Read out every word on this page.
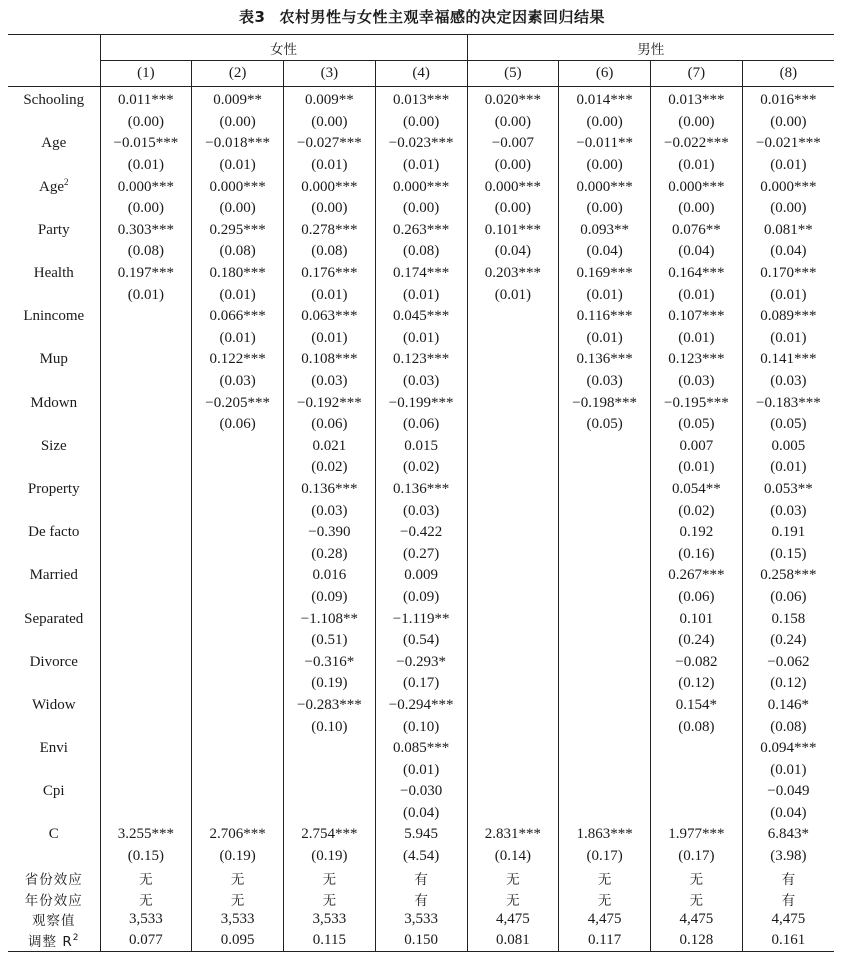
表3 农村男性与女性主观幸福感的决定因素回归结果
	女性				男性			
	(1)	(2)	(3)	(4)	(5)	(6)	(7)	(8)
Schooling	0.011***	0.009**	0.009**	0.013***	0.020***	0.014***	0.013***	0.016***
	(0.00)	(0.00)	(0.00)	(0.00)	(0.00)	(0.00)	(0.00)	(0.00)
Age	−0.015***	−0.018***	−0.027***	−0.023***	−0.007	−0.011**	−0.022***	−0.021***
	(0.01)	(0.01)	(0.01)	(0.01)	(0.00)	(0.00)	(0.01)	(0.01)
Age$^2$	0.000***	0.000***	0.000***	0.000***	0.000***	0.000***	0.000***	0.000***
	(0.00)	(0.00)	(0.00)	(0.00)	(0.00)	(0.00)	(0.00)	(0.00)
Party	0.303***	0.295***	0.278***	0.263***	0.101***	0.093**	0.076**	0.081**
	(0.08)	(0.08)	(0.08)	(0.08)	(0.04)	(0.04)	(0.04)	(0.04)
Health	0.197***	0.180***	0.176***	0.174***	0.203***	0.169***	0.164***	0.170***
	(0.01)	(0.01)	(0.01)	(0.01)	(0.01)	(0.01)	(0.01)	(0.01)
Lnincome		0.066***	0.063***	0.045***		0.116***	0.107***	0.089***
		(0.01)	(0.01)	(0.01)		(0.01)	(0.01)	(0.01)
Mup		0.122***	0.108***	0.123***		0.136***	0.123***	0.141***
		(0.03)	(0.03)	(0.03)		(0.03)	(0.03)	(0.03)
Mdown		−0.205***	−0.192***	−0.199***		−0.198***	−0.195***	−0.183***
		(0.06)	(0.06)	(0.06)		(0.05)	(0.05)	(0.05)
Size			0.021	0.015			0.007	0.005
			(0.02)	(0.02)			(0.01)	(0.01)
Property			0.136***	0.136***			0.054**	0.053**
			(0.03)	(0.03)			(0.02)	(0.03)
De facto			−0.390	−0.422			0.192	0.191
			(0.28)	(0.27)			(0.16)	(0.15)
Married			0.016	0.009			0.267***	0.258***
			(0.09)	(0.09)			(0.06)	(0.06)
Separated			−1.108**	−1.119**			0.101	0.158
			(0.51)	(0.54)			(0.24)	(0.24)
Divorce			−0.316*	−0.293*			−0.082	−0.062
			(0.19)	(0.17)			(0.12)	(0.12)
Widow			−0.283***	−0.294***			0.154*	0.146*
			(0.10)	(0.10)			(0.08)	(0.08)
Envi				0.085***				0.094***
				(0.01)				(0.01)
Cpi				−0.030				−0.049
				(0.04)				(0.04)
C	3.255***	2.706***	2.754***	5.945	2.831***	1.863***	1.977***	6.843*
	(0.15)	(0.19)	(0.19)	(4.54)	(0.14)	(0.17)	(0.17)	(3.98)
省份效应	无	无	无	有	无	无	无	有
年份效应	无	无	无	有	无	无	无	有
观察值	3,533	3,533	3,533	3,533	4,475	4,475	4,475	4,475
调整 $R^2$	0.077	0.095	0.115	0.150	0.081	0.117	0.128	0.161
